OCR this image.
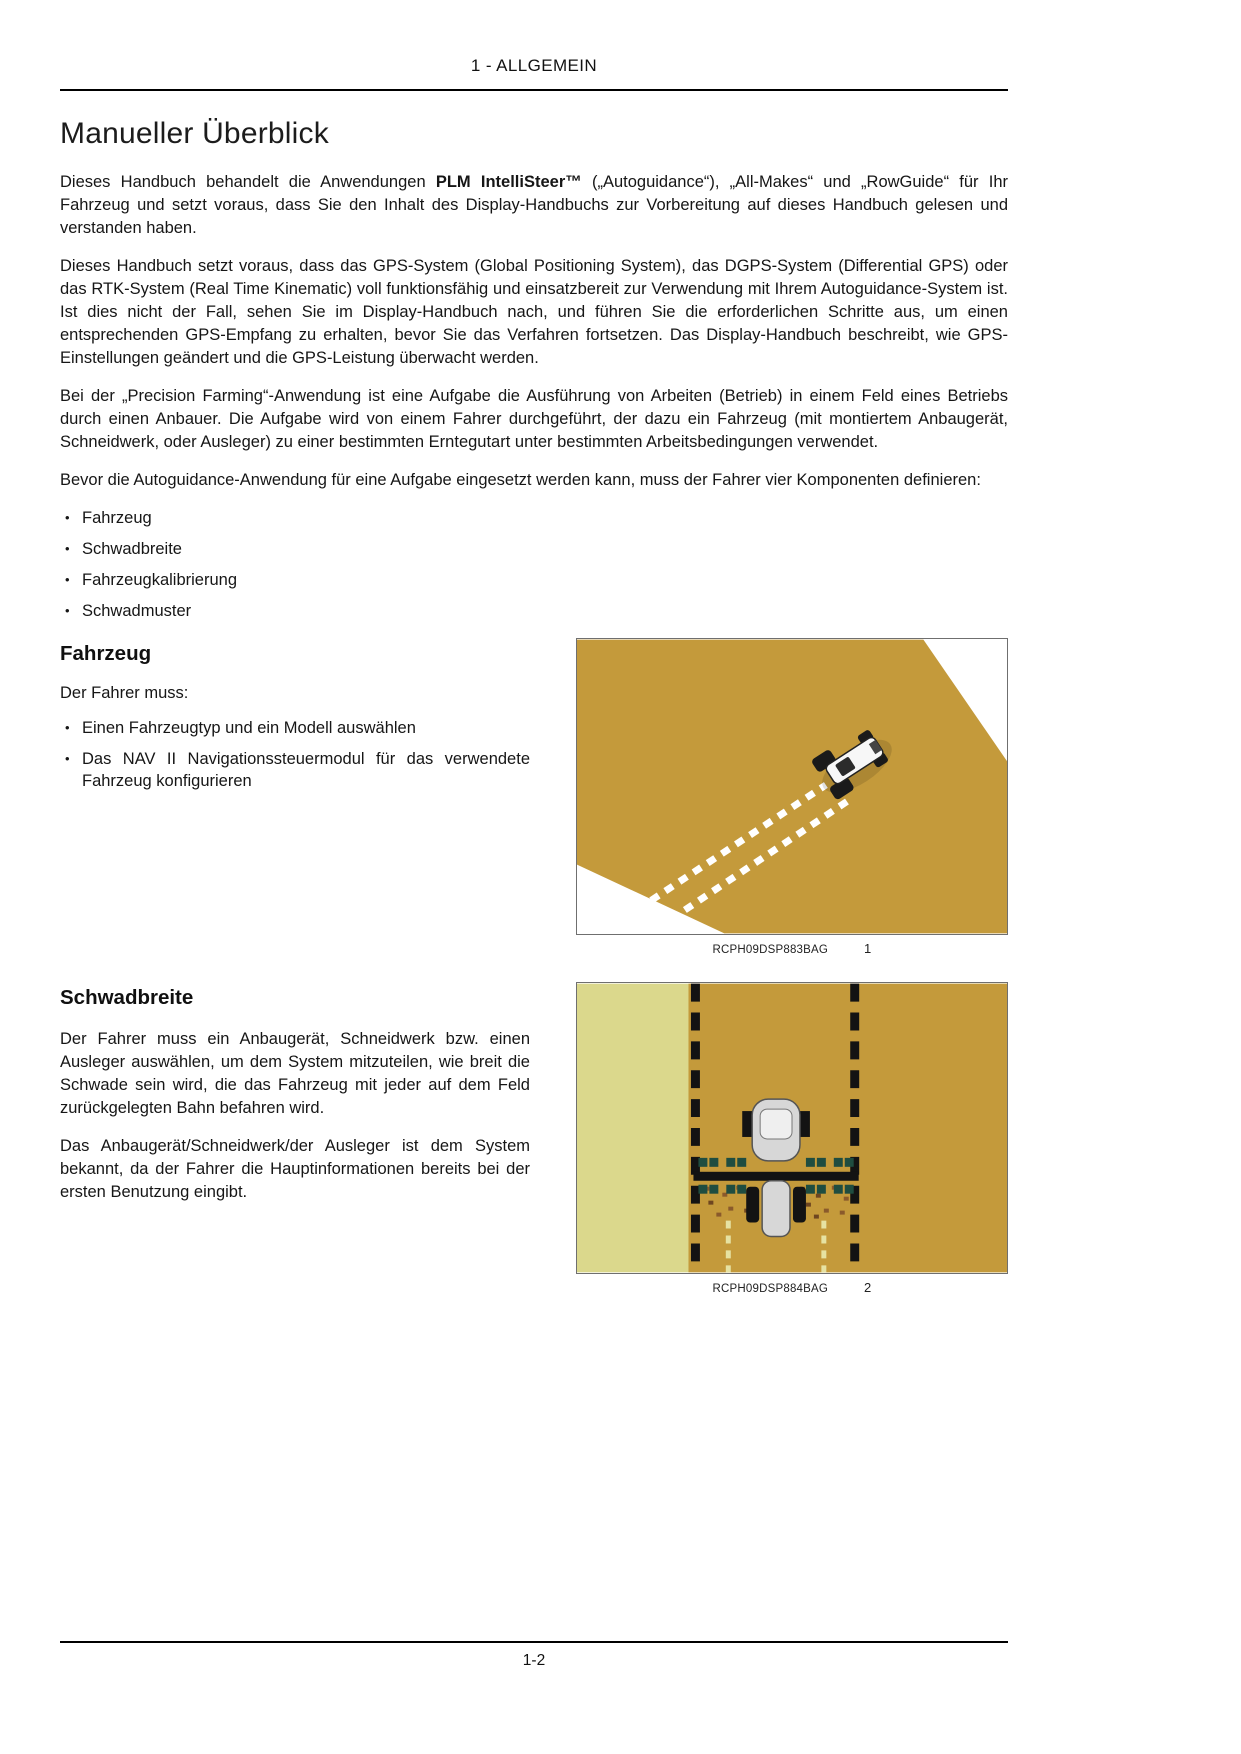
1 - ALLGEMEIN
Manueller Überblick

Dieses Handbuch behandelt die Anwendungen PLM IntelliSteer™ („Autoguidance“), „All-Makes“ und „RowGuide“ für Ihr Fahrzeug und setzt voraus, dass Sie den Inhalt des Display-Handbuchs zur Vorbereitung auf dieses Handbuch gelesen und verstanden haben.

Dieses Handbuch setzt voraus, dass das GPS-System (Global Positioning System), das DGPS-System (Differential GPS) oder das RTK-System (Real Time Kinematic) voll funktionsfähig und einsatzbereit zur Verwendung mit Ihrem Autoguidance-System ist. Ist dies nicht der Fall, sehen Sie im Display-Handbuch nach, und führen Sie die erforderlichen Schritte aus, um einen entsprechenden GPS-Empfang zu erhalten, bevor Sie das Verfahren fortsetzen. Das Display-Handbuch beschreibt, wie GPS-Einstellungen geändert und die GPS-Leistung überwacht werden.

Bei der „Precision Farming“-Anwendung ist eine Aufgabe die Ausführung von Arbeiten (Betrieb) in einem Feld eines Betriebs durch einen Anbauer. Die Aufgabe wird von einem Fahrer durchgeführt, der dazu ein Fahrzeug (mit montiertem Anbaugerät, Schneidwerk, oder Ausleger) zu einer bestimmten Erntegutart unter bestimmten Arbeitsbedingungen verwendet.

Bevor die Autoguidance-Anwendung für eine Aufgabe eingesetzt werden kann, muss der Fahrer vier Komponenten definieren:

• Fahrzeug
• Schwadbreite
• Fahrzeugkalibrierung
• Schwadmuster
Fahrzeug

Der Fahrer muss:

• Einen Fahrzeugtyp und ein Modell auswählen
• Das NAV II Navigationssteuermodul für das verwendete Fahrzeug konfigurieren
RCPH09DSP883BAG	1
Schwadbreite

Der Fahrer muss ein Anbaugerät, Schneidwerk bzw. einen Ausleger auswählen, um dem System mitzuteilen, wie breit die Schwade sein wird, die das Fahrzeug mit jeder auf dem Feld zurückgelegten Bahn befahren wird.

Das Anbaugerät/Schneidwerk/der Ausleger ist dem System bekannt, da der Fahrer die Hauptinformationen bereits bei der ersten Benutzung eingibt.

RCPH09DSP884BAG	2
1-2
